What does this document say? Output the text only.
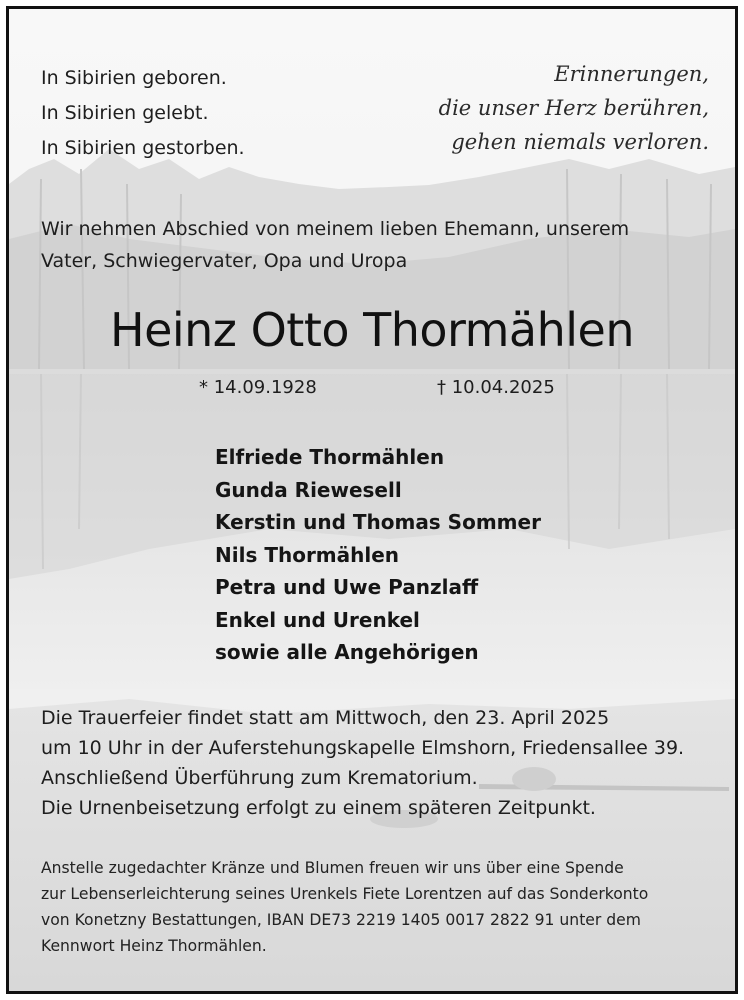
In Sibirien geboren.
In Sibirien gelebt.
In Sibirien gestorben.
Erinnerungen,
die unser Herz berühren,
gehen niemals verloren.
Wir nehmen Abschied von meinem lieben Ehemann, unserem
Vater, Schwiegervater, Opa und Uropa
Heinz Otto Thormählen
* 14.09.1928	† 10.04.2025
Elfriede Thormählen
Gunda Riewesell
Kerstin und Thomas Sommer
Nils Thormählen
Petra und Uwe Panzlaff
Enkel und Urenkel
sowie alle Angehörigen
Die Trauerfeier findet statt am Mittwoch, den 23. April 2025
um 10 Uhr in der Auferstehungskapelle Elmshorn, Friedensallee 39.
Anschließend Überführung zum Krematorium.
Die Urnenbeisetzung erfolgt zu einem späteren Zeitpunkt.
Anstelle zugedachter Kränze und Blumen freuen wir uns über eine Spende
zur Lebenserleichterung seines Urenkels Fiete Lorentzen auf das Sonderkonto
von Konetzny Bestattungen, IBAN DE73 2219 1405 0017 2822 91 unter dem
Kennwort Heinz Thormählen.
